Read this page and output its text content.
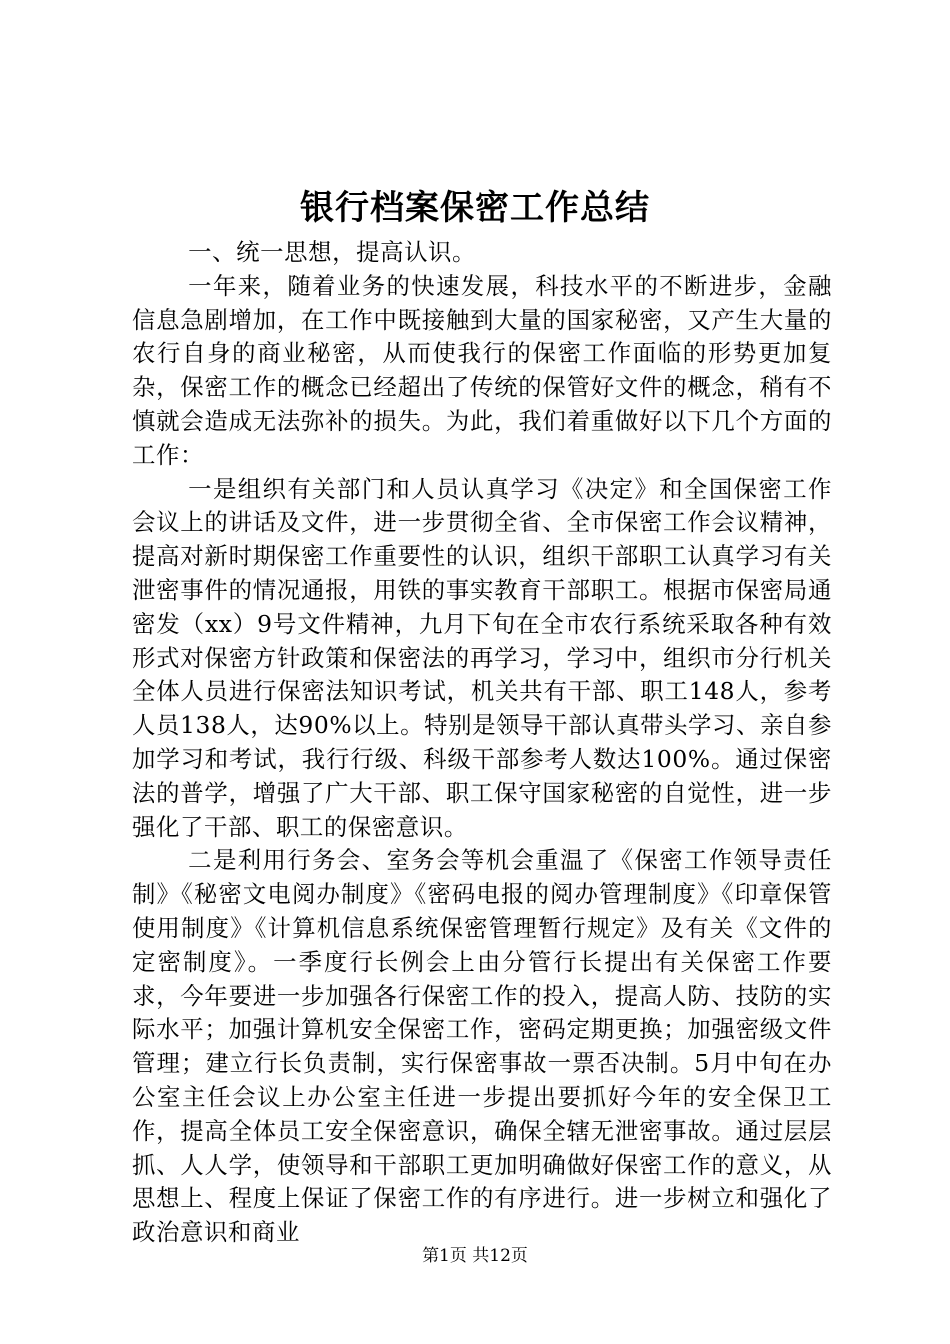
银行档案保密工作总结

一、统一思想，提高认识。

一年来，随着业务的快速发展，科技水平的不断进步，金融信息急剧增加，在工作中既接触到大量的国家秘密，又产生大量的农行自身的商业秘密，从而使我行的保密工作面临的形势更加复杂，保密工作的概念已经超出了传统的保管好文件的概念，稍有不慎就会造成无法弥补的损失。为此，我们着重做好以下几个方面的工作：

一是组织有关部门和人员认真学习《决定》和全国保密工作会议上的讲话及文件，进一步贯彻全省、全市保密工作会议精神，提高对新时期保密工作重要性的认识，组织干部职工认真学习有关泄密事件的情况通报，用铁的事实教育干部职工。根据市保密局通密发（xx）9号文件精神，九月下旬在全市农行系统采取各种有效形式对保密方针政策和保密法的再学习，学习中，组织市分行机关全体人员进行保密法知识考试，机关共有干部、职工148人，参考人员138人，达90%以上。特别是领导干部认真带头学习、亲自参加学习和考试，我行行级、科级干部参考人数达100%。通过保密法的普学，增强了广大干部、职工保守国家秘密的自觉性，进一步强化了干部、职工的保密意识。

二是利用行务会、室务会等机会重温了《保密工作领导责任制》《秘密文电阅办制度》《密码电报的阅办管理制度》《印章保管使用制度》《计算机信息系统保密管理暂行规定》及有关《文件的定密制度》。一季度行长例会上由分管行长提出有关保密工作要求，今年要进一步加强各行保密工作的投入，提高人防、技防的实际水平；加强计算机安全保密工作，密码定期更换；加强密级文件管理；建立行长负责制，实行保密事故一票否决制。5月中旬在办公室主任会议上办公室主任进一步提出要抓好今年的安全保卫工作，提高全体员工安全保密意识，确保全辖无泄密事故。通过层层抓、人人学，使领导和干部职工更加明确做好保密工作的意义，从思想上、程度上保证了保密工作的有序进行。进一步树立和强化了政治意识和商业

第1页 共12页
